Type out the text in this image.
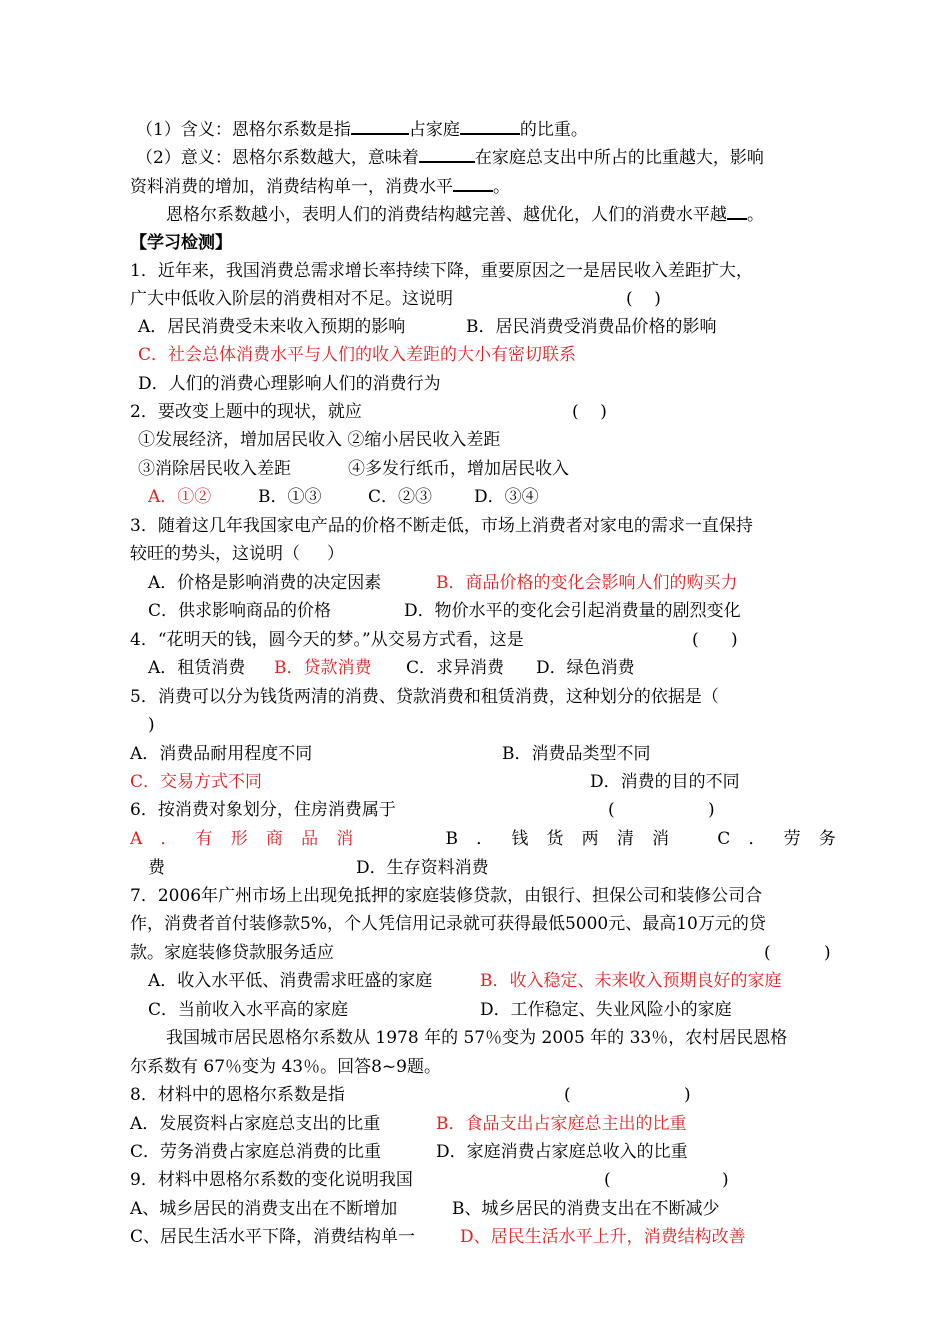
（1）含义：恩格尔系数是指	占家庭	的比重。
（2）意义：恩格尔系数越大，意味着	在家庭总支出中所占的比重越大，影响
资料消费的增加，消费结构单一，消费水平 。
恩格尔系数越小，表明人们的消费结构越完善、越优化，人们的消费水平越 。
【学习检测】
1．近年来，我国消费总需求增长率持续下降，重要原因之一是居民收入差距扩大，
广大中低收入阶层的消费相对不足。这说明	(    )
A．居民消费受未来收入预期的影响	B．居民消费受消费品价格的影响
C．社会总体消费水平与人们的收入差距的大小有密切联系
D．人们的消费心理影响人们的消费行为
2．要改变上题中的现状，就应	(    )
①发展经济，增加居民收入 ②缩小居民收入差距
③消除居民收入差距	④多发行纸币，增加居民收入
A．①②	B．①③	C．②③ D．③④
3．随着这几年我国家电产品的价格不断走低，市场上消费者对家电的需求一直保持
较旺的势头，这说明（     ）
A．价格是影响消费的决定因素	B．商品价格的变化会影响人们的购买力
C．供求影响商品的价格	D．物价水平的变化会引起消费量的剧烈变化
4．“花明天的钱，圆今天的梦。”从交易方式看，这是	(      )
A．租赁消费 B．贷款消费 C．求异消费 D．绿色消费
5．消费可以分为钱货两清的消费、贷款消费和租赁消费，这种划分的依据是（
)
A．消费品耐用程度不同	B．消费品类型不同
C．交易方式不同	D．消费的目的不同
6．按消费对象划分，住房消费属于	(	)
A ． 有 形 商 品 消	B ． 钱 货 两 清 消	C ． 劳 务
费	D．生存资料消费
7．2006年广州市场上出现免抵押的家庭装修贷款，由银行、担保公司和装修公司合
作，消费者首付装修款5%，个人凭信用记录就可获得最低5000元、最高10万元的贷
款。家庭装修贷款服务适应	(	)
A．收入水平低、消费需求旺盛的家庭	B．收入稳定、未来收入预期良好的家庭
C．当前收入水平高的家庭	D．工作稳定、失业风险小的家庭
我国城市居民恩格尔系数从 1978 年的 57％变为 2005 年的 33％，农村居民恩格
尔系数有 67％变为 43％。回答8~9题。
8．材料中的恩格尔系数是指	(	)
A．发展资料占家庭总支出的比重	B．食品支出占家庭总主出的比重
C．劳务消费占家庭总消费的比重	D．家庭消费占家庭总收入的比重
9．材料中恩格尔系数的变化说明我国	(	)
A、城乡居民的消费支出在不断增加	B、城乡居民的消费支出在不断减少
C、居民生活水平下降，消费结构单一	D、居民生活水平上升，消费结构改善
